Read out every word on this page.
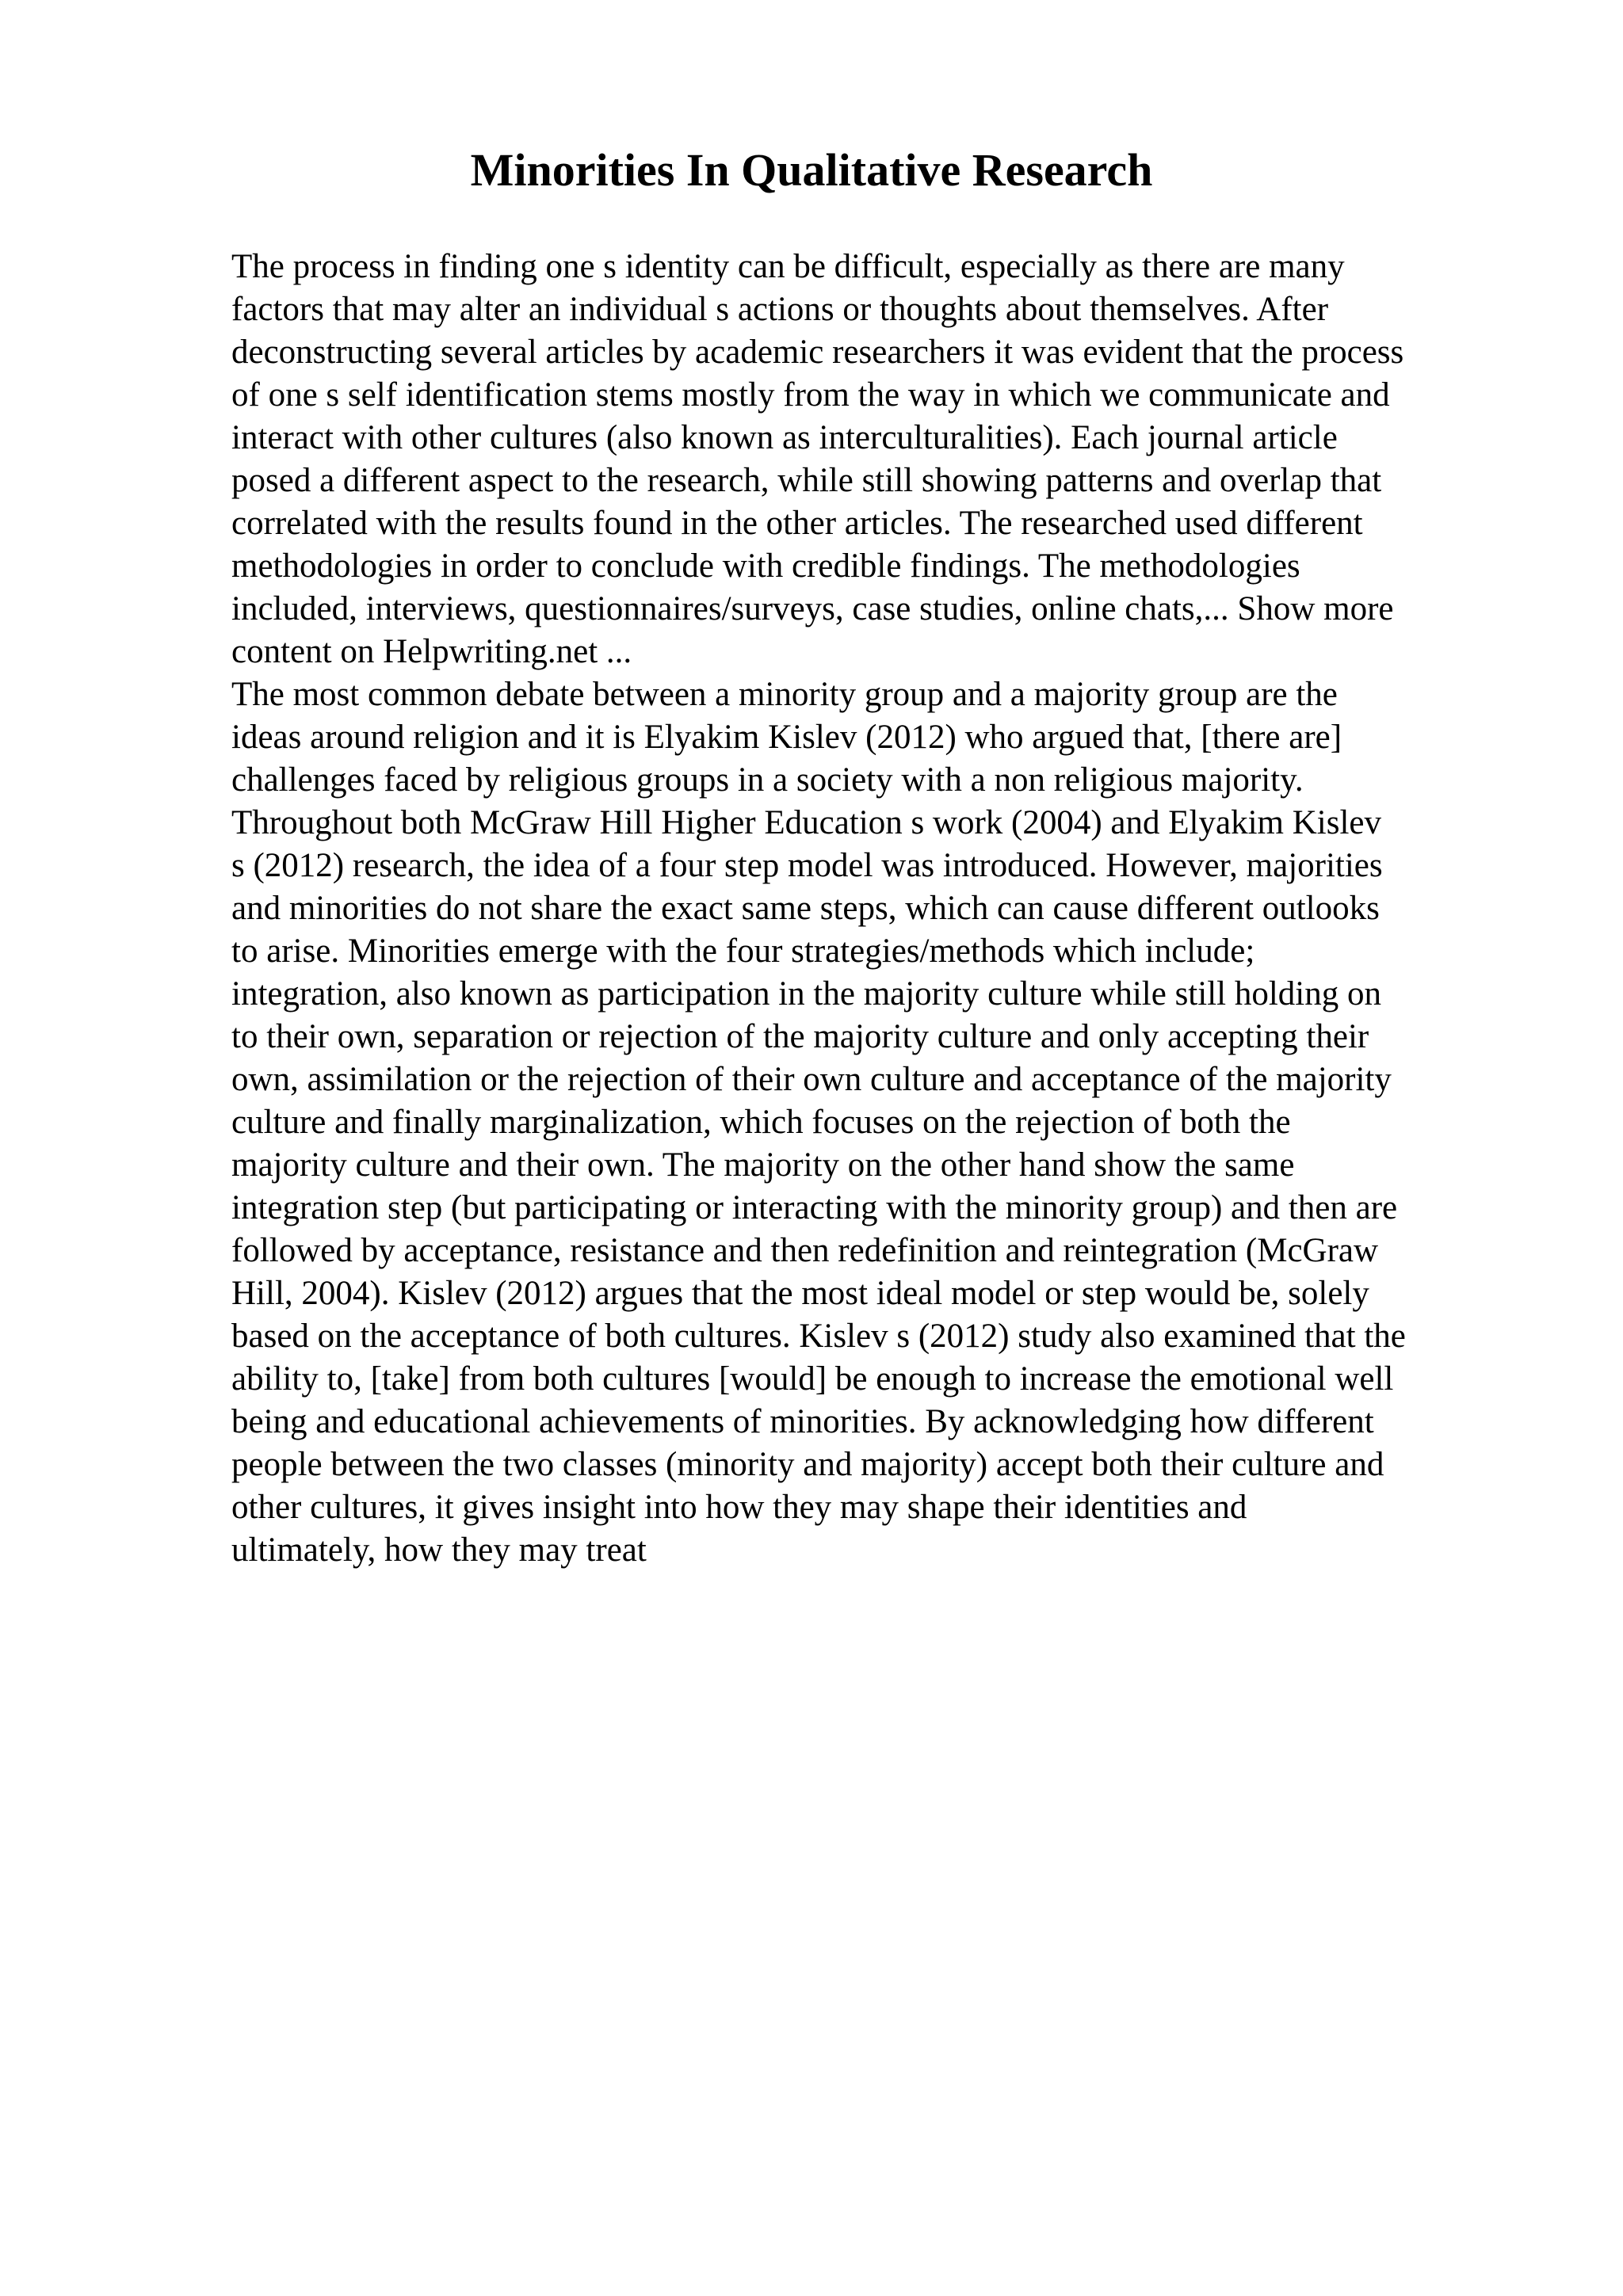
Minorities In Qualitative Research
The process in finding one s identity can be difficult, especially as there are many
factors that may alter an individual s actions or thoughts about themselves. After
deconstructing several articles by academic researchers it was evident that the process
of one s self identification stems mostly from the way in which we communicate and
interact with other cultures (also known as interculturalities). Each journal article
posed a different aspect to the research, while still showing patterns and overlap that
correlated with the results found in the other articles. The researched used different
methodologies in order to conclude with credible findings. The methodologies
included, interviews, questionnaires/surveys, case studies, online chats,... Show more
content on Helpwriting.net ...
The most common debate between a minority group and a majority group are the
ideas around religion and it is Elyakim Kislev (2012) who argued that, [there are]
challenges faced by religious groups in a society with a non religious majority.
Throughout both McGraw Hill Higher Education s work (2004) and Elyakim Kislev
s (2012) research, the idea of a four step model was introduced. However, majorities
and minorities do not share the exact same steps, which can cause different outlooks
to arise. Minorities emerge with the four strategies/methods which include;
integration, also known as participation in the majority culture while still holding on
to their own, separation or rejection of the majority culture and only accepting their
own, assimilation or the rejection of their own culture and acceptance of the majority
culture and finally marginalization, which focuses on the rejection of both the
majority culture and their own. The majority on the other hand show the same
integration step (but participating or interacting with the minority group) and then are
followed by acceptance, resistance and then redefinition and reintegration (McGraw
Hill, 2004). Kislev (2012) argues that the most ideal model or step would be, solely
based on the acceptance of both cultures. Kislev s (2012) study also examined that the
ability to, [take] from both cultures [would] be enough to increase the emotional well
being and educational achievements of minorities. By acknowledging how different
people between the two classes (minority and majority) accept both their culture and
other cultures, it gives insight into how they may shape their identities and
ultimately, how they may treat
